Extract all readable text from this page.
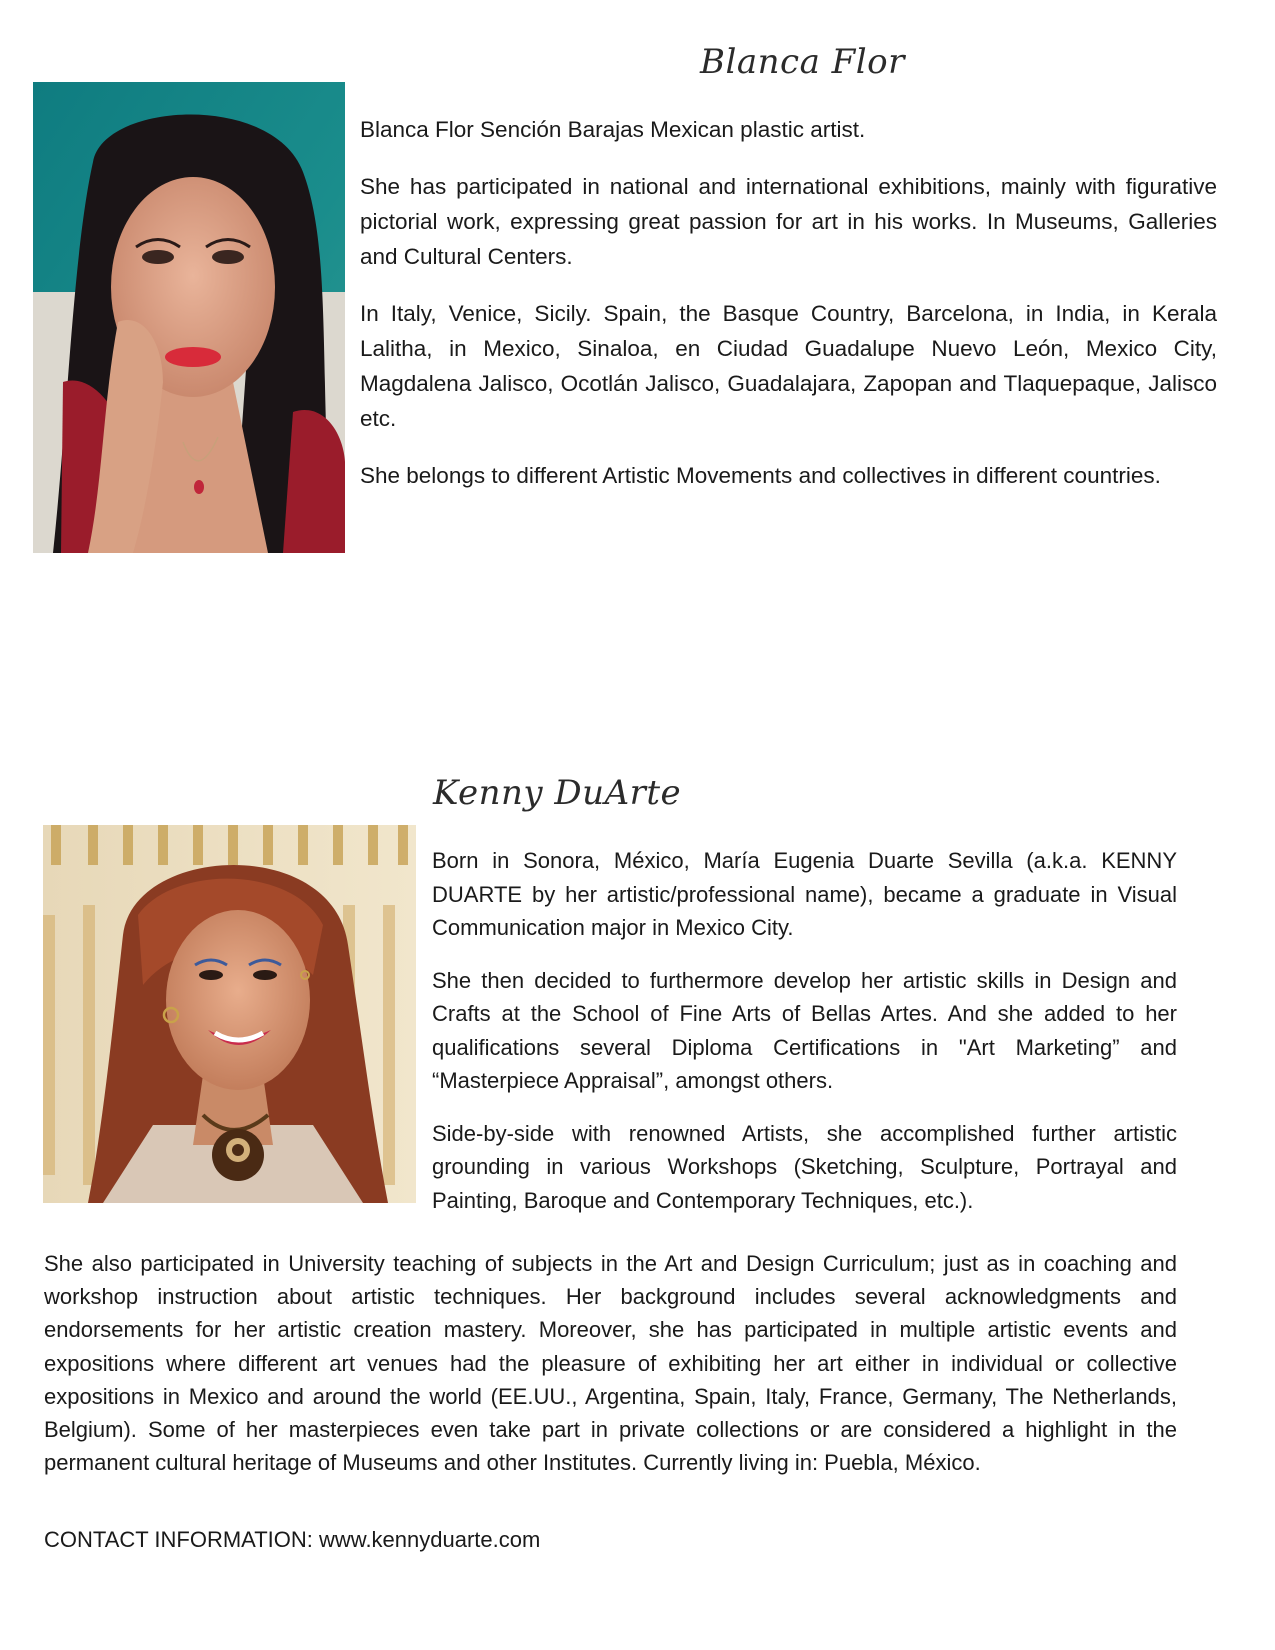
Blanca Flor

Blanca Flor Sención Barajas Mexican plastic artist.

She has participated in national and international exhibitions, mainly with figurative pictorial work, expressing great passion for art in his works. In Museums, Galleries and Cultural Centers.

In Italy, Venice, Sicily. Spain, the Basque Country, Barcelona, in India, in Kerala Lalitha, in Mexico, Sinaloa, en Ciudad Guadalupe Nuevo León, Mexico City, Magdalena Jalisco, Ocotlán Jalisco, Guadalajara, Zapopan and Tlaquepaque, Jalisco etc.

She belongs to different Artistic Movements and collectives in different countries.

Kenny DuArte

Born in Sonora, México, María Eugenia Duarte Sevilla (a.k.a. KENNY DUARTE by her artistic/professional name), became a graduate in Visual Communication major in Mexico City.

She then decided to furthermore develop her artistic skills in Design and Crafts at the School of Fine Arts of Bellas Artes. And she added to her qualifications several Diploma Certifications in "Art Marketing” and “Masterpiece Appraisal”, amongst others.

Side-by-side with renowned Artists, she accomplished further artistic grounding in various Workshops (Sketching, Sculpture, Portrayal and Painting, Baroque and Contemporary Techniques, etc.).

She also participated in University teaching of subjects in the Art and Design Curriculum; just as in coaching and workshop instruction about artistic techniques. Her background includes several acknowledgments and endorsements for her artistic creation mastery. Moreover, she has participated in multiple artistic events and expositions where different art venues had the pleasure of exhibiting her art either in individual or collective expositions in Mexico and around the world (EE.UU., Argentina, Spain, Italy, France, Germany, The Netherlands, Belgium). Some of her masterpieces even take part in private collections or are considered a highlight in the permanent cultural heritage of Museums and other Institutes. Currently living in: Puebla, México.

CONTACT INFORMATION: www.kennyduarte.com
